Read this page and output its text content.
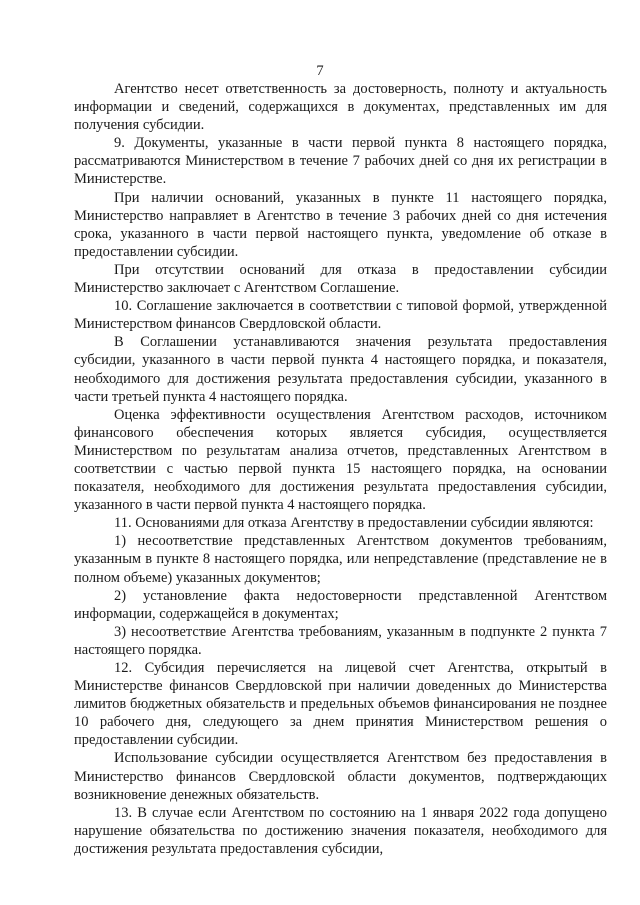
7

Агентство несет ответственность за достоверность, полноту и актуальность информации и сведений, содержащихся в документах, представленных им для получения субсидии.

9. Документы, указанные в части первой пункта 8 настоящего порядка, рассматриваются Министерством в течение 7 рабочих дней со дня их регистрации в Министерстве.

При наличии оснований, указанных в пункте 11 настоящего порядка, Министерство направляет в Агентство в течение 3 рабочих дней со дня истечения срока, указанного в части первой настоящего пункта, уведомление об отказе в предоставлении субсидии.

При отсутствии оснований для отказа в предоставлении субсидии Министерство заключает с Агентством Соглашение.

10. Соглашение заключается в соответствии с типовой формой, утвержденной Министерством финансов Свердловской области.

В Соглашении устанавливаются значения результата предоставления субсидии, указанного в части первой пункта 4 настоящего порядка, и показателя, необходимого для достижения результата предоставления субсидии, указанного в части третьей пункта 4 настоящего порядка.

Оценка эффективности осуществления Агентством расходов, источником финансового обеспечения которых является субсидия, осуществляется Министерством по результатам анализа отчетов, представленных Агентством в соответствии с частью первой пункта 15 настоящего порядка, на основании показателя, необходимого для достижения результата предоставления субсидии, указанного в части первой пункта 4 настоящего порядка.

11. Основаниями для отказа Агентству в предоставлении субсидии являются:

1) несоответствие представленных Агентством документов требованиям, указанным в пункте 8 настоящего порядка, или непредставление (представление не в полном объеме) указанных документов;

2) установление факта недостоверности представленной Агентством информации, содержащейся в документах;

3) несоответствие Агентства требованиям, указанным в подпункте 2 пункта 7 настоящего порядка.

12. Субсидия перечисляется на лицевой счет Агентства, открытый в Министерстве финансов Свердловской при наличии доведенных до Министерства лимитов бюджетных обязательств и предельных объемов финансирования не позднее 10 рабочего дня, следующего за днем принятия Министерством решения о предоставлении субсидии.

Использование субсидии осуществляется Агентством без предоставления в Министерство финансов Свердловской области документов, подтверждающих возникновение денежных обязательств.

13. В случае если Агентством по состоянию на 1 января 2022 года допущено нарушение обязательства по достижению значения показателя, необходимого для достижения результата предоставления субсидии,
